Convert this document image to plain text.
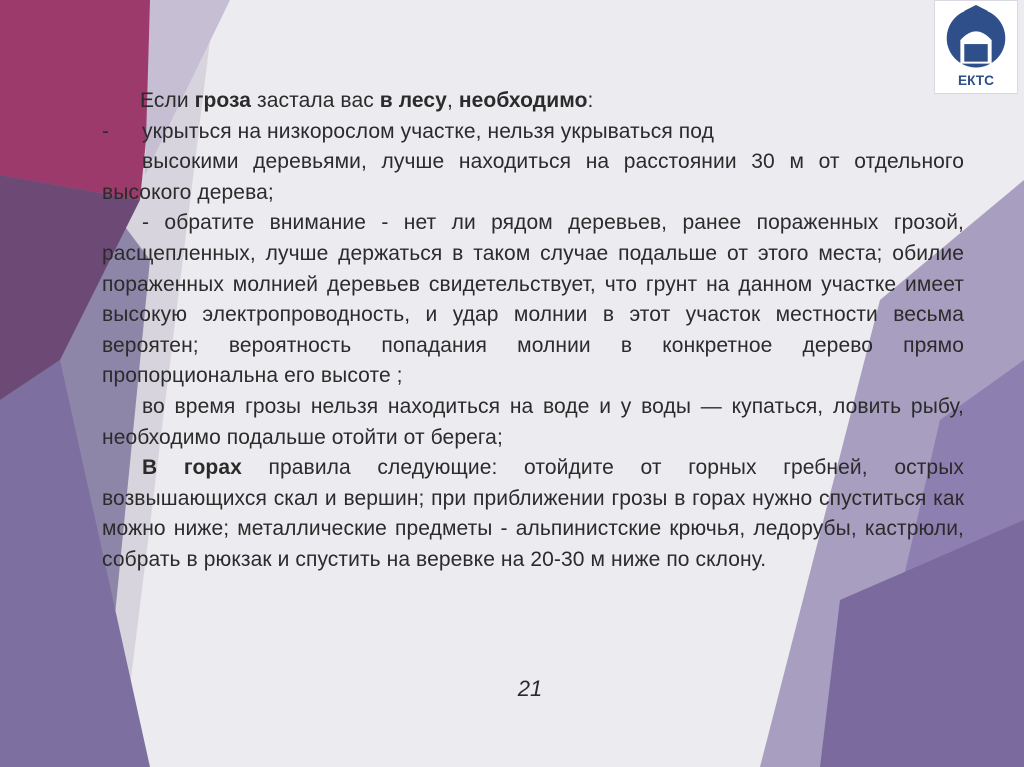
ЕКТС

Если гроза застала вас в лесу, необходимо:

-	укрыться на низкорослом участке, нельзя укрываться под

высокими деревьями, лучше находиться на расстоянии 30 м от отдельного высокого дерева;

- обратите внимание - нет ли рядом деревьев, ранее пораженных грозой, расщепленных, лучше держаться в таком случае подальше от этого места; обилие пораженных молнией деревьев свидетельствует, что грунт на данном участке имеет высокую электропроводность, и удар молнии в этот участок местности весьма вероятен; вероятность попадания молнии в конкретное дерево прямо пропорциональна его высоте ;

во время грозы нельзя находиться на воде и у воды — купаться, ловить рыбу, необходимо подальше отойти от берега;

В горах правила следующие: отойдите от горных гребней, острых возвышающихся скал и вершин; при приближении грозы в горах нужно спуститься как можно ниже; металлические предметы - альпинистские крючья, ледорубы, кастрюли, собрать в рюкзак и спустить на веревке на 20-30 м ниже по склону.

21
